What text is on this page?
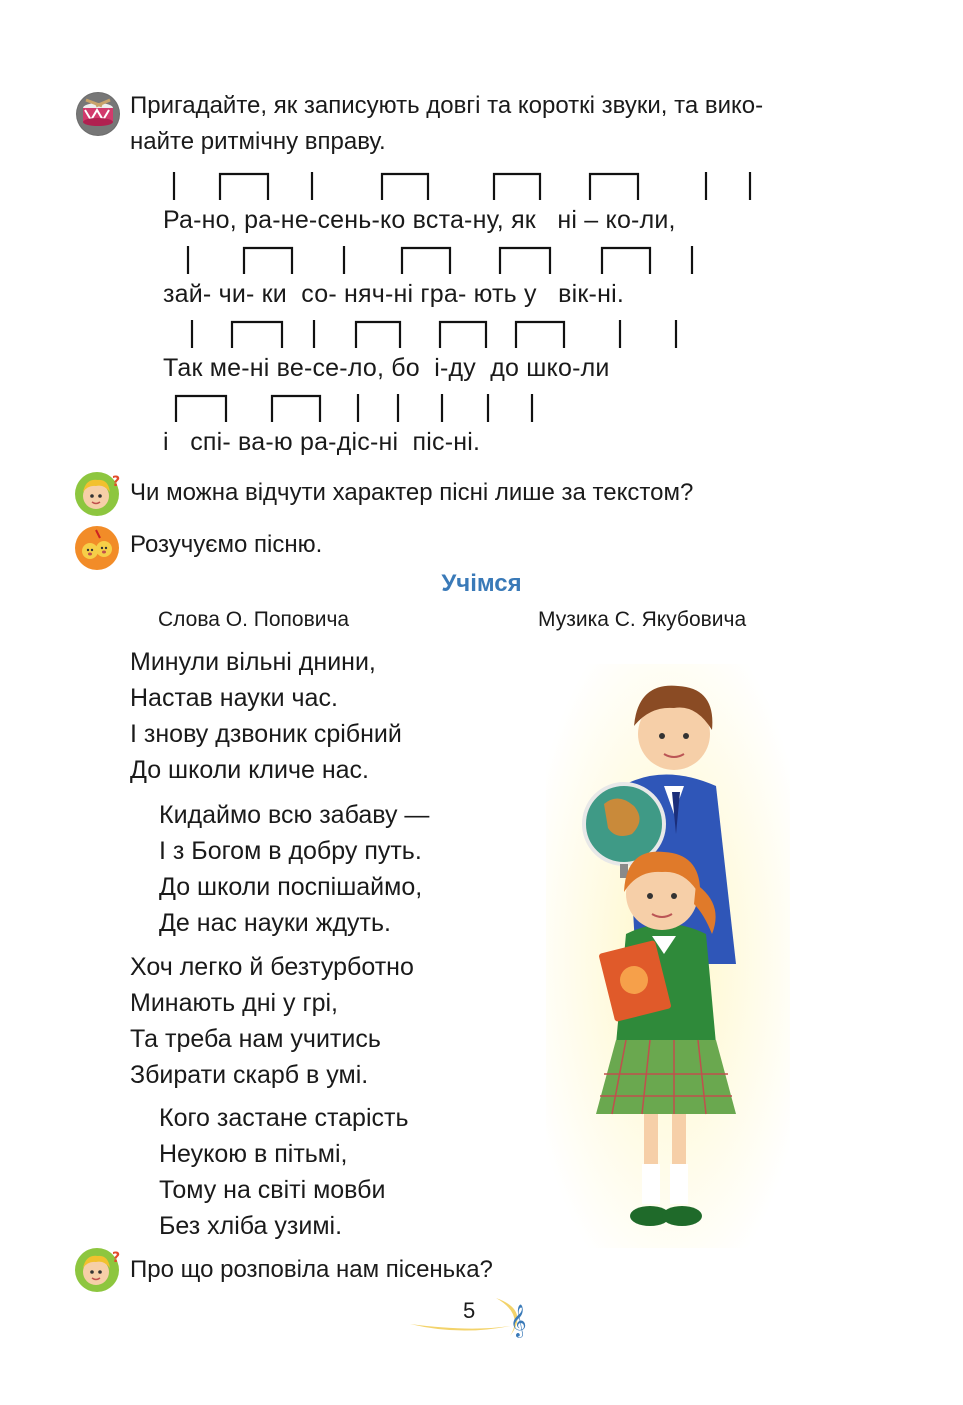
Пригадайте, як записують довгі та короткі звуки, та вико-
найте ритмічну вправу.
Ра-но, ра-не-сень-ко вста-ну, як   ні – ко-ли,
зай- чи- ки  со- няч-ні гра- ють у   вік-ні.
Так ме-ні ве-се-ло, бо  і-ду  до шко-ли
і   спі- ва-ю ра-діс-ні  піс-ні.
? Чи можна відчути характер пісні лише за текстом?
Розучуємо пісню.
Учімся
Слова О. Поповича	Музика С. Якубовича
Минули вільні днини,
Настав науки час.
І знову дзвоник срібний
До школи кличе нас.
Кидаймо всю забаву —
І з Богом в добру путь.
До школи поспішаймо,
Де нас науки ждуть.
Хоч легко й безтурботно
Минають дні у грі,
Та треба нам учитись
Збирати скарб в умі.
Кого застане старість
Неукою в пітьмі,
Тому на світі мовби
Без хліба узимі.
? Про що розповіла нам пісенька?
5 𝄞
